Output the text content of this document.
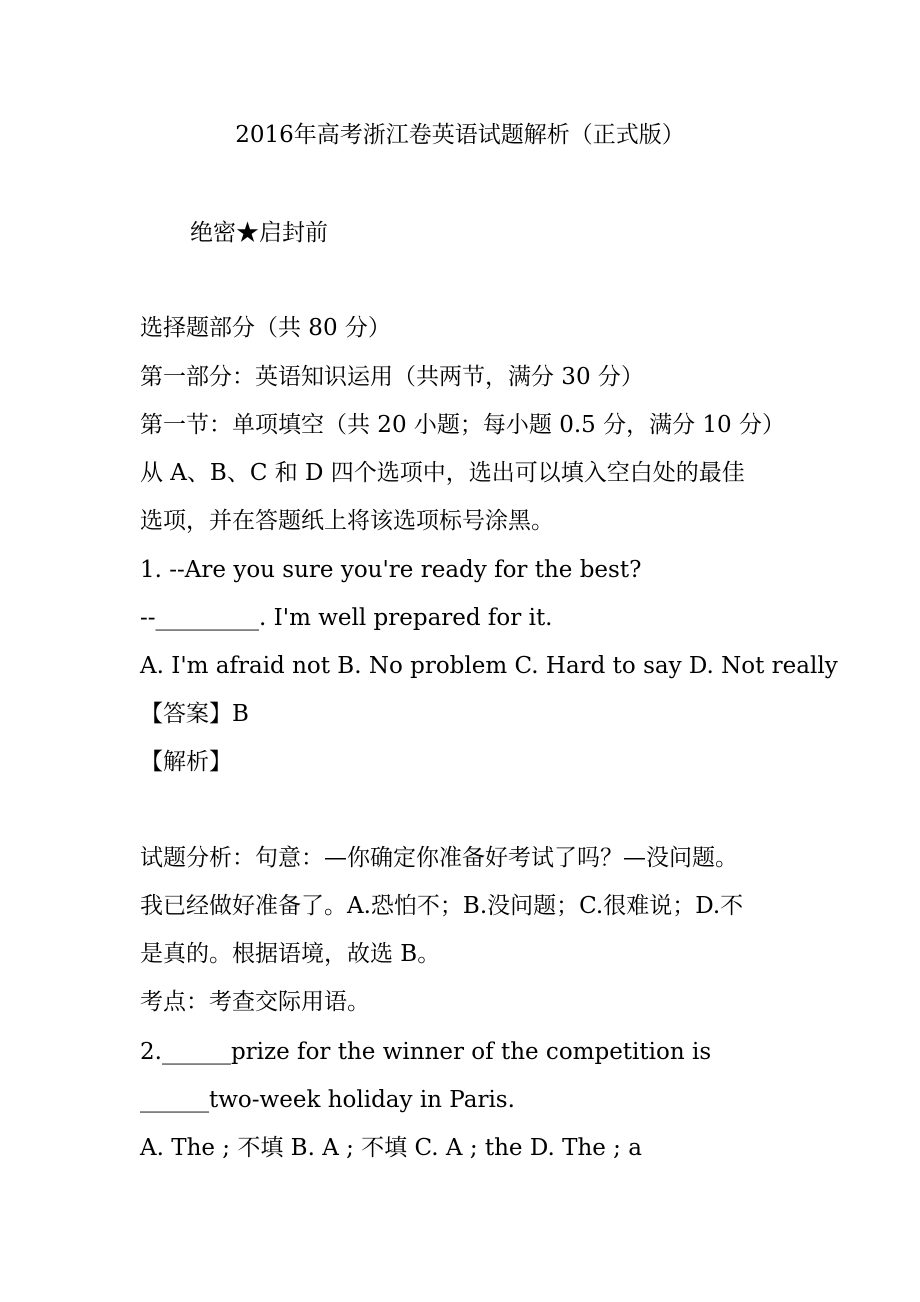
2016年高考浙江卷英语试题解析（正式版）
绝密★启封前
选择题部分（共 80 分）
第一部分：英语知识运用（共两节，满分 30 分）
第一节：单项填空（共 20 小题；每小题 0.5 分，满分 10 分）
从 A、B、C 和 D 四个选项中，选出可以填入空白处的最佳
选项，并在答题纸上将该选项标号涂黑。
1. --Are you sure you're ready for the best?
--_________. I'm well prepared for it.
A. I'm afraid not B. No problem C. Hard to say D. Not really
【答案】B
【解析】
试题分析：句意：—你确定你准备好考试了吗？—没问题。
我已经做好准备了。A.恐怕不；B.没问题；C.很难说；D.不
是真的。根据语境，故选 B。
考点：考查交际用语。
2.______prize for the winner of the competition is
______two-week holiday in Paris.
A. The ; 不填 B. A ; 不填 C. A ; the D. The ; a
